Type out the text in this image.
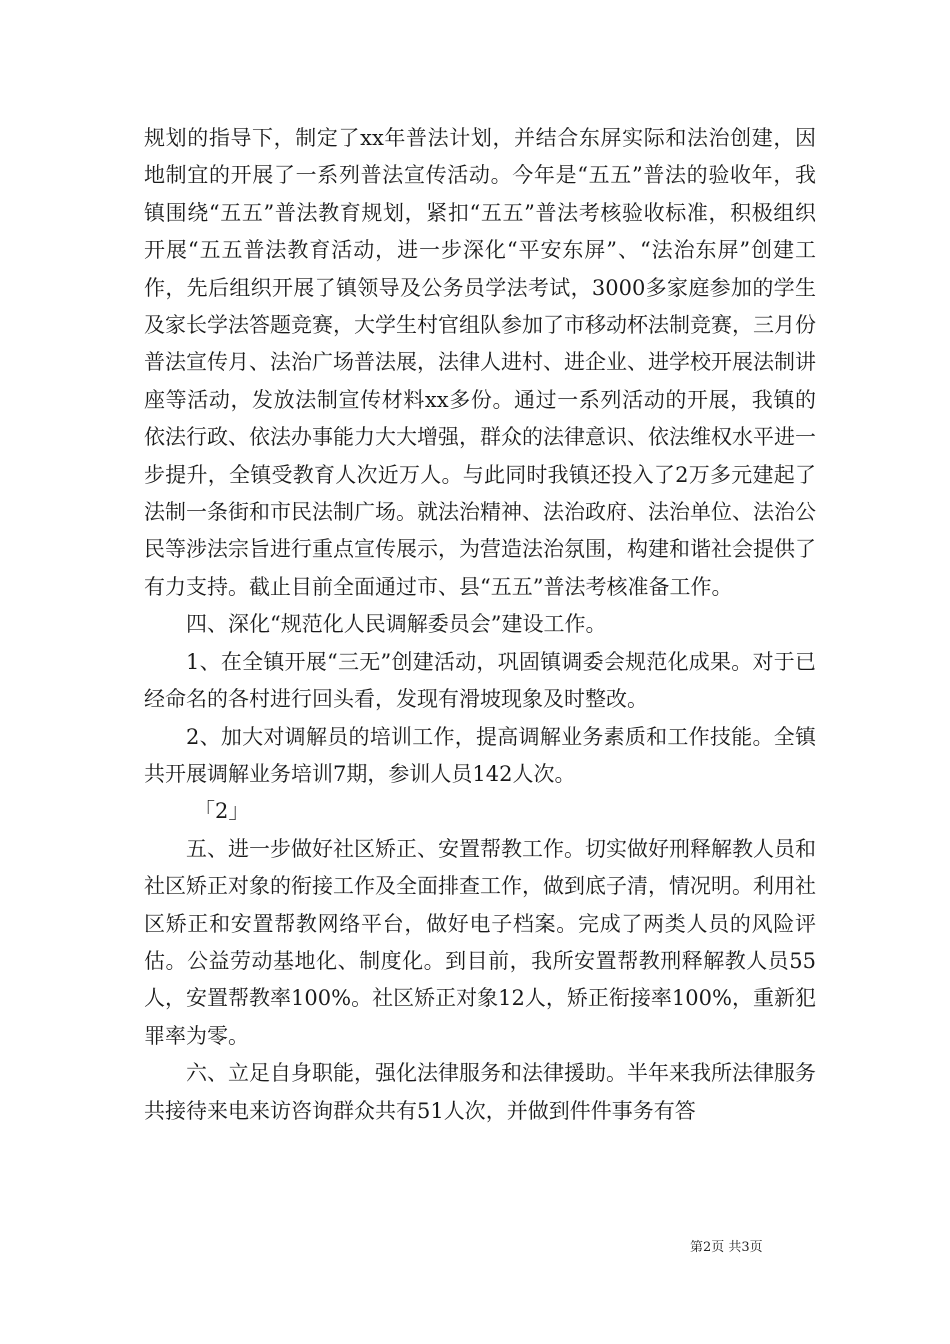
规划的指导下，制定了xx年普法计划，并结合东屏实际和法治创建，因地制宜的开展了一系列普法宣传活动。今年是“五五”普法的验收年，我镇围绕“五五”普法教育规划，紧扣“五五”普法考核验收标准，积极组织开展“五五普法教育活动，进一步深化“平安东屏”、“法治东屏”创建工作，先后组织开展了镇领导及公务员学法考试，3000多家庭参加的学生及家长学法答题竞赛，大学生村官组队参加了市移动杯法制竞赛，三月份普法宣传月、法治广场普法展，法律人进村、进企业、进学校开展法制讲座等活动，发放法制宣传材料xx多份。通过一系列活动的开展，我镇的依法行政、依法办事能力大大增强，群众的法律意识、依法维权水平进一步提升，全镇受教育人次近万人。与此同时我镇还投入了2万多元建起了法制一条街和市民法制广场。就法治精神、法治政府、法治单位、法治公民等涉法宗旨进行重点宣传展示，为营造法治氛围，构建和谐社会提供了有力支持。截止目前全面通过市、县“五五”普法考核准备工作。

四、深化“规范化人民调解委员会”建设工作。

1、在全镇开展“三无”创建活动，巩固镇调委会规范化成果。对于已经命名的各村进行回头看，发现有滑坡现象及时整改。

2、加大对调解员的培训工作，提高调解业务素质和工作技能。全镇共开展调解业务培训7期，参训人员142人次。

「2」

五、进一步做好社区矫正、安置帮教工作。切实做好刑释解教人员和社区矫正对象的衔接工作及全面排查工作，做到底子清，情况明。利用社区矫正和安置帮教网络平台，做好电子档案。完成了两类人员的风险评估。公益劳动基地化、制度化。到目前，我所安置帮教刑释解教人员55人，安置帮教率100%。社区矫正对象12人，矫正衔接率100%，重新犯罪率为零。

六、立足自身职能，强化法律服务和法律援助。半年来我所法律服务共接待来电来访咨询群众共有51人次，并做到件件事务有答

第2页 共3页
